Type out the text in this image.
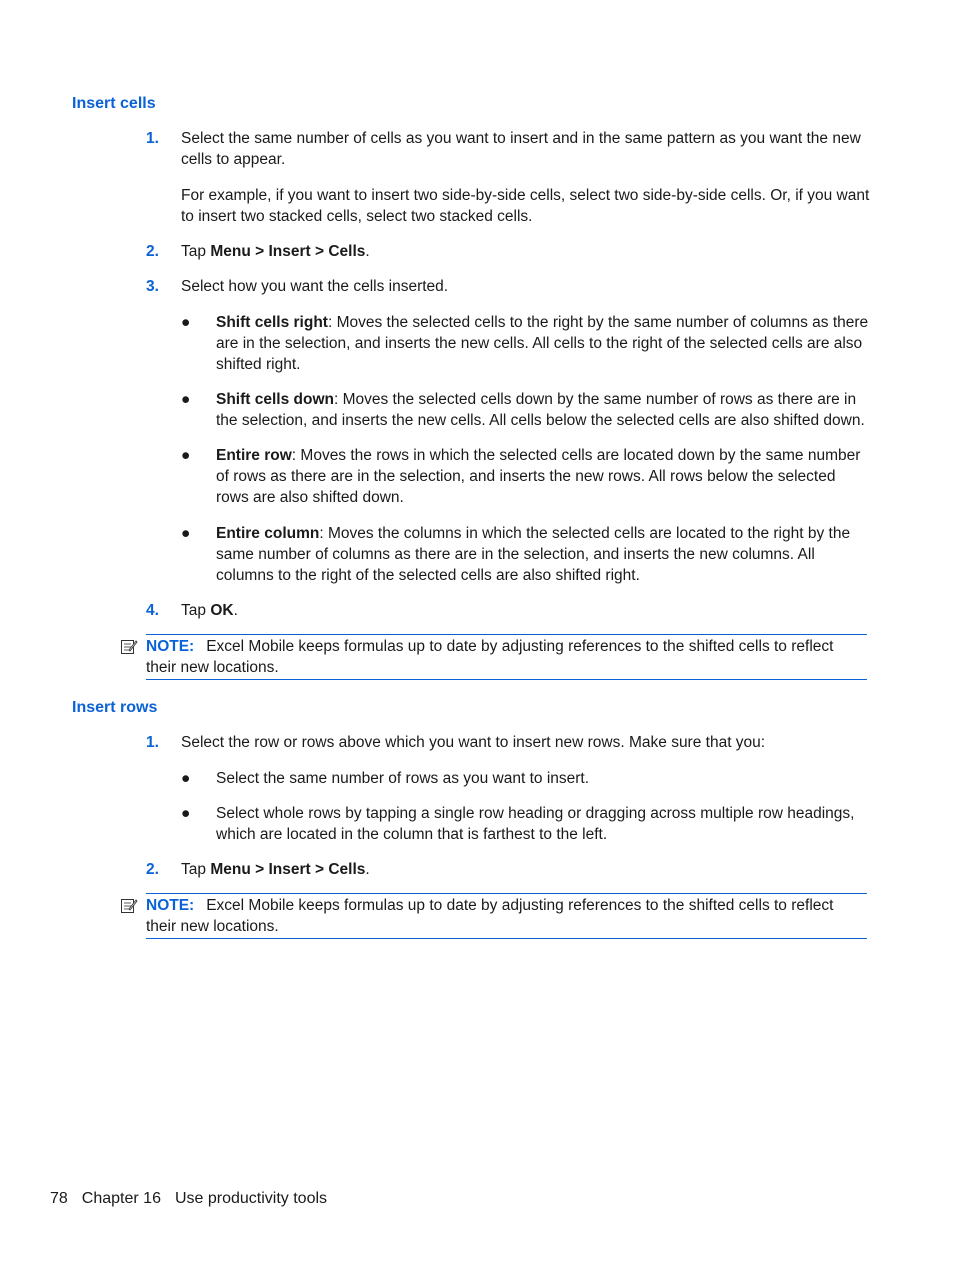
Insert cells
1. Select the same number of cells as you want to insert and in the same pattern as you want the new cells to appear.
For example, if you want to insert two side-by-side cells, select two side-by-side cells. Or, if you want to insert two stacked cells, select two stacked cells.
2. Tap Menu > Insert > Cells.
3. Select how you want the cells inserted.
● Shift cells right: Moves the selected cells to the right by the same number of columns as there are in the selection, and inserts the new cells. All cells to the right of the selected cells are also shifted right.
● Shift cells down: Moves the selected cells down by the same number of rows as there are in the selection, and inserts the new cells. All cells below the selected cells are also shifted down.
● Entire row: Moves the rows in which the selected cells are located down by the same number of rows as there are in the selection, and inserts the new rows. All rows below the selected rows are also shifted down.
● Entire column: Moves the columns in which the selected cells are located to the right by the same number of columns as there are in the selection, and inserts the new columns. All columns to the right of the selected cells are also shifted right.
4. Tap OK.
NOTE: Excel Mobile keeps formulas up to date by adjusting references to the shifted cells to reflect their new locations.
Insert rows
1. Select the row or rows above which you want to insert new rows. Make sure that you:
● Select the same number of rows as you want to insert.
● Select whole rows by tapping a single row heading or dragging across multiple row headings, which are located in the column that is farthest to the left.
2. Tap Menu > Insert > Cells.
NOTE: Excel Mobile keeps formulas up to date by adjusting references to the shifted cells to reflect their new locations.
78 Chapter 16 Use productivity tools
